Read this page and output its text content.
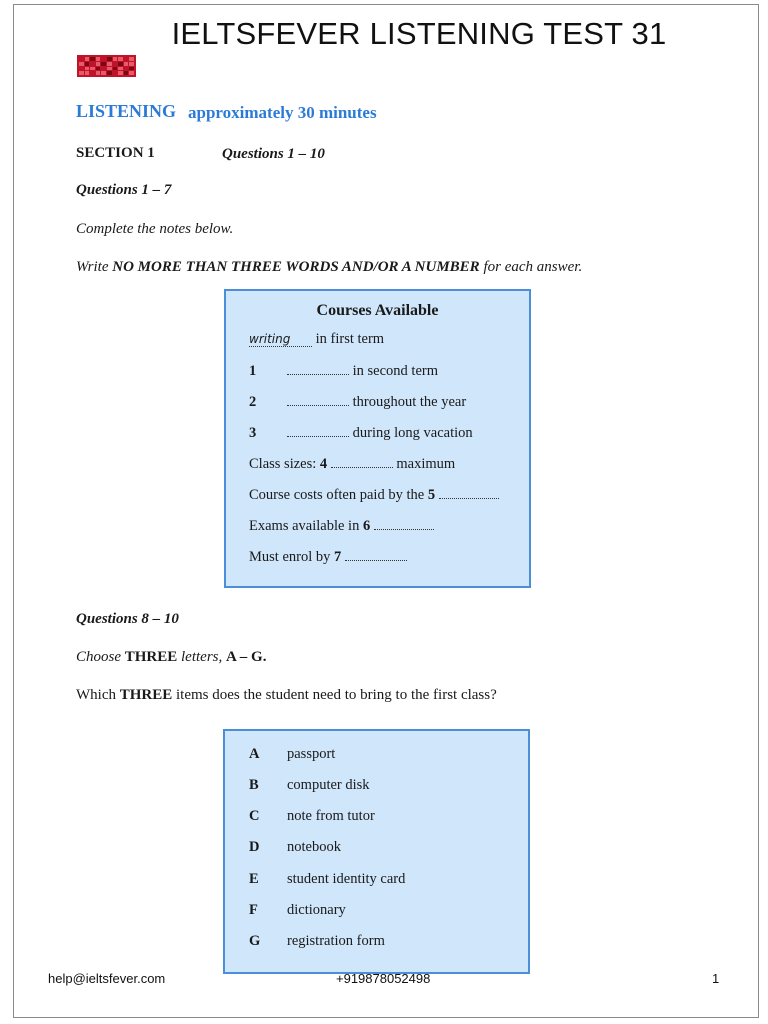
IELTSFEVER LISTENING TEST 31
LISTENING approximately 30 minutes
SECTION 1	Questions 1 – 10
Questions 1 – 7
Complete the notes below.
Write NO MORE THAN THREE WORDS AND/OR A NUMBER for each answer.
Courses Available
writing in first term
1	in second term
2	throughout the year
3	during long vacation
Class sizes: 4	maximum
Course costs often paid by the 5
Exams available in 6
Must enrol by 7
Questions 8 – 10
Choose THREE letters, A – G.
Which THREE items does the student need to bring to the first class?
A passport
B computer disk
C note from tutor
D notebook
E student identity card
F dictionary
G registration form
help@ieltsfever.com	+919878052498	1
